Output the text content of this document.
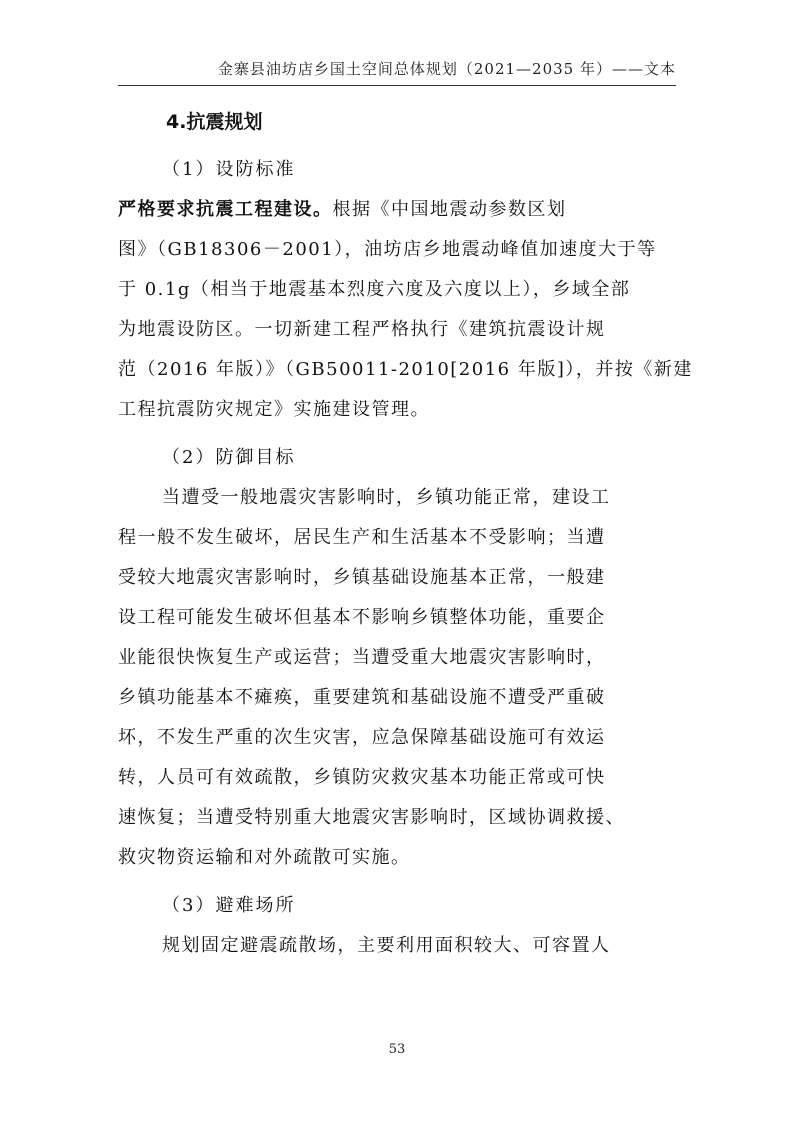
金寨县油坊店乡国土空间总体规划（2021—2035 年）——文本
4.抗震规划

（1）设防标准

严格要求抗震工程建设。根据《中国地震动参数区划
图》（GB18306－2001），油坊店乡地震动峰值加速度大于等
于 0.1g（相当于地震基本烈度六度及六度以上），乡域全部
为地震设防区。一切新建工程严格执行《建筑抗震设计规
范（2016 年版）》（GB50011-2010[2016 年版]），并按《新建
工程抗震防灾规定》实施建设管理。

（2）防御目标

当遭受一般地震灾害影响时，乡镇功能正常，建设工
程一般不发生破坏，居民生产和生活基本不受影响；当遭
受较大地震灾害影响时，乡镇基础设施基本正常，一般建
设工程可能发生破坏但基本不影响乡镇整体功能，重要企
业能很快恢复生产或运营；当遭受重大地震灾害影响时，
乡镇功能基本不瘫痪，重要建筑和基础设施不遭受严重破
坏，不发生严重的次生灾害，应急保障基础设施可有效运
转，人员可有效疏散，乡镇防灾救灾基本功能正常或可快
速恢复；当遭受特别重大地震灾害影响时，区域协调救援、
救灾物资运输和对外疏散可实施。

（3）避难场所

规划固定避震疏散场，主要利用面积较大、可容置人

53
